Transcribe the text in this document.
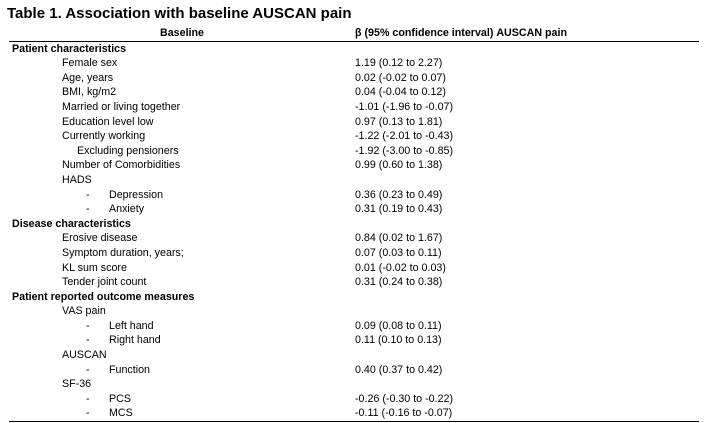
Table 1. Association with baseline AUSCAN pain
Baseline	β (95% confidence interval) AUSCAN pain
Patient characteristics	
Female sex	1.19 (0.12 to 2.27)
Age, years	0.02 (-0.02 to 0.07)
BMI, kg/m2	0.04 (-0.04 to 0.12)
Married or living together	-1.01 (-1.96 to -0.07)
Education level low	0.97 (0.13 to 1.81)
Currently working	-1.22 (-2.01 to -0.43)
Excluding pensioners	-1.92 (-3.00 to -0.85)
Number of Comorbidities	0.99 (0.60 to 1.38)
HADS	

- Depression	0.36 (0.23 to 0.49)

- Anxiety	0.31 (0.19 to 0.43)
Disease characteristics	
Erosive disease	0.84 (0.02 to 1.67)
Symptom duration, years;	0.07 (0.03 to 0.11)
KL sum score	0.01 (-0.02 to 0.03)
Tender joint count	0.31 (0.24 to 0.38)
Patient reported outcome measures	
VAS pain	

- Left hand	0.09 (0.08 to 0.11)

- Right hand	0.11 (0.10 to 0.13)
AUSCAN	

- Function	0.40 (0.37 to 0.42)
SF-36	

- PCS	-0.26 (-0.30 to -0.22)

- MCS	-0.11 (-0.16 to -0.07)
